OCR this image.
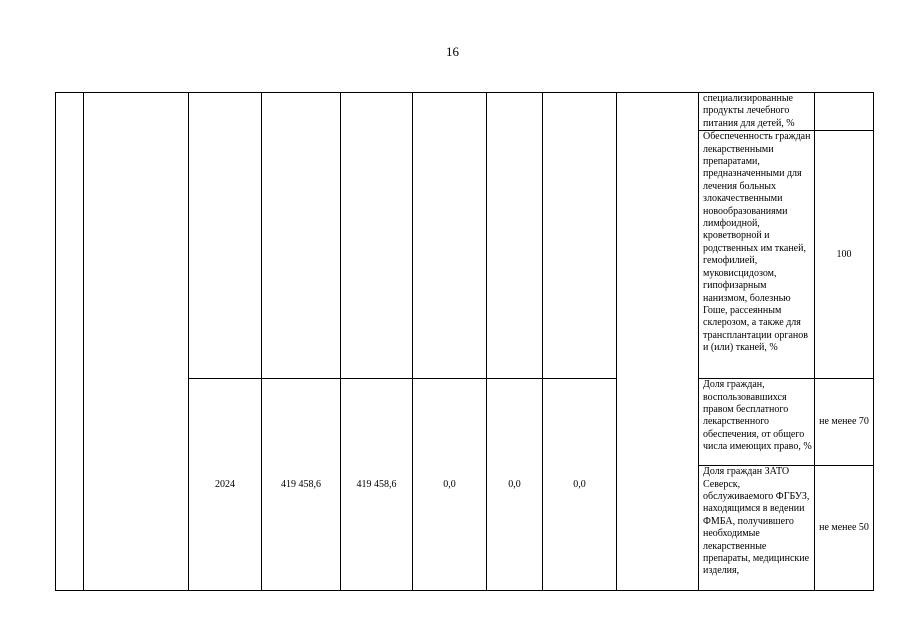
16
									специализированные продукты лечебного питания для детей, %	
									Обеспеченность граждан лекарственными препаратами, предназначенными для лечения больных злокачественными новообразованиями лимфоидной, кроветворной и родственных им тканей, гемофилией, муковисцидозом, гипофизарным нанизмом, болезнью Гоше, рассеянным склерозом, а также для трансплантации органов и (или) тканей, %	100
		2024	419 458,6	419 458,6	0,0	0,0	0,0		Доля граждан, воспользовавшихся правом бесплатного лекарственного обеспечения, от общего числа имеющих право, %	не менее 70
									Доля граждан ЗАТО Северск, обслуживаемого ФГБУЗ, находящимся в ведении ФМБА, получившего необходимые лекарственные препараты, медицинские изделия,	не менее 50
